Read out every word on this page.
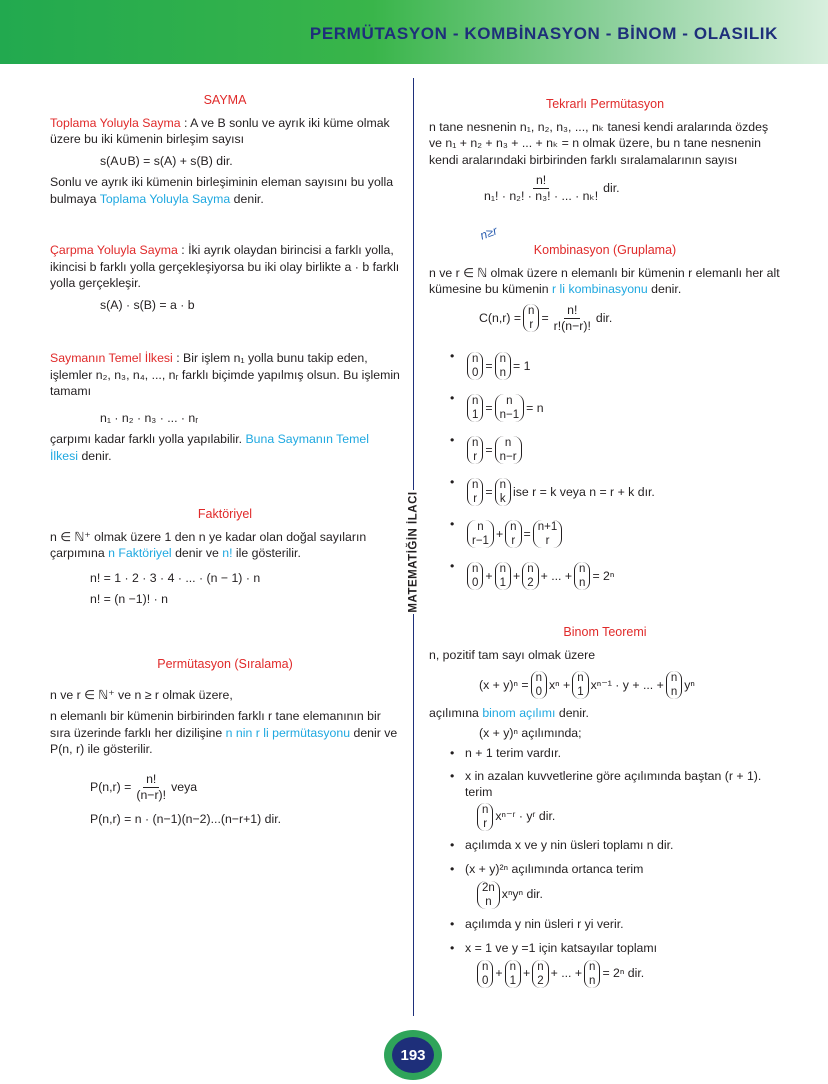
PERMÜTASYON - KOMBİNASYON - BİNOM - OLASILIK
MATEMATİĞİN İLACI
n≥r
SAYMA

Toplama Yoluyla Sayma : A ve B sonlu ve ayrık iki küme olmak üzere bu iki kümenin birleşim sayısı

s(A∪B) = s(A) + s(B) dir.

Sonlu ve ayrık iki kümenin birleşiminin eleman sayısını bu yolla bulmaya Toplama Yoluyla Sayma denir.

Çarpma Yoluyla Sayma : İki ayrık olaydan birincisi a farklı yolla, ikincisi b farklı yolla gerçekleşiyorsa bu iki olay birlikte a · b farklı yolla gerçekleşir.

s(A) · s(B) = a · b

Saymanın Temel İlkesi : Bir işlem n₁ yolla bunu takip eden, işlemler n₂, n₃, n₄, ..., nᵣ farklı biçimde yapılmış olsun. Bu işlemin tamamı

n₁ · n₂ · n₃ · ... · nᵣ

çarpımı kadar farklı yolla yapılabilir. Buna Saymanın Temel İlkesi denir.

Faktöriyel

n ∈ ℕ⁺ olmak üzere 1 den n ye kadar olan doğal sayıların çarpımına n Faktöriyel denir ve n! ile gösterilir.

n! = 1 · 2 · 3 · 4 · ... · (n − 1) · n

n! = (n −1)! · n

Permütasyon (Sıralama)

n ve r ∈ ℕ⁺ ve n ≥ r olmak üzere,

n elemanlı bir kümenin birbirinden farklı r tane elemanının bir sıra üzerinde farklı her dizilişine n nin r li permütasyonu denir ve P(n, r) ile gösterilir.

$P(n,r) = \frac{n!}{(n-r)!}$ veya

P(n,r) = n · (n−1)(n−2)...(n−r+1) dir.

Tekrarlı Permütasyon

n tane nesnenin n₁, n₂, n₃, ..., nₖ tanesi kendi aralarında özdeş ve n₁ + n₂ + n₃ + ... + nₖ = n olmak üzere, bu n tane nesnenin kendi aralarındaki birbirinden farklı sıralamalarının sayısı

$\frac{n!}{\text{n₁! · n₂! · n₃! · ... · nₖ!}}$ dir.

Kombinasyon (Gruplama)

n ve r ∈ ℕ olmak üzere n elemanlı bir kümenin r elemanlı her alt kümesine bu kümenin r li kombinasyonu denir.

C(n,r) = n
r
= $\frac{n!}{r!(n-r)!}$ dir.

• n
0
= n
n
= 1
• n
1
= n
n−1
= n
• n
r
= n
n−r
• n
r
= n
k
ise r = k veya n = r + k dır.
• n
r−1
+ n
r
= n+1
r
• n
0
+ n
1
+ n
2
+ ... + n
n
= 2ⁿ
Binom Teoremi

n, pozitif tam sayı olmak üzere

(x + y)ⁿ = n
0
xⁿ + n
1
xⁿ⁻¹ · y + ... + n
n
yⁿ

açılımına binom açılımı denir.

(x + y)ⁿ açılımında;

• n + 1 terim vardır.
• x in azalan kuvvetlerine göre açılımında baştan (r + 1). terim
n
r
xⁿ⁻ʳ · yʳ dir.
• açılımda x ve y nin üsleri toplamı n dir.
• (x + y)²ⁿ açılımında ortanca terim
2n
n
xⁿyⁿ dir.
• açılımda y nin üsleri r yi verir.
• x = 1 ve y =1 için katsayılar toplamı
n
0
+ n
1
+ n
2
+ ... + n
n
= 2ⁿ dir.
193
